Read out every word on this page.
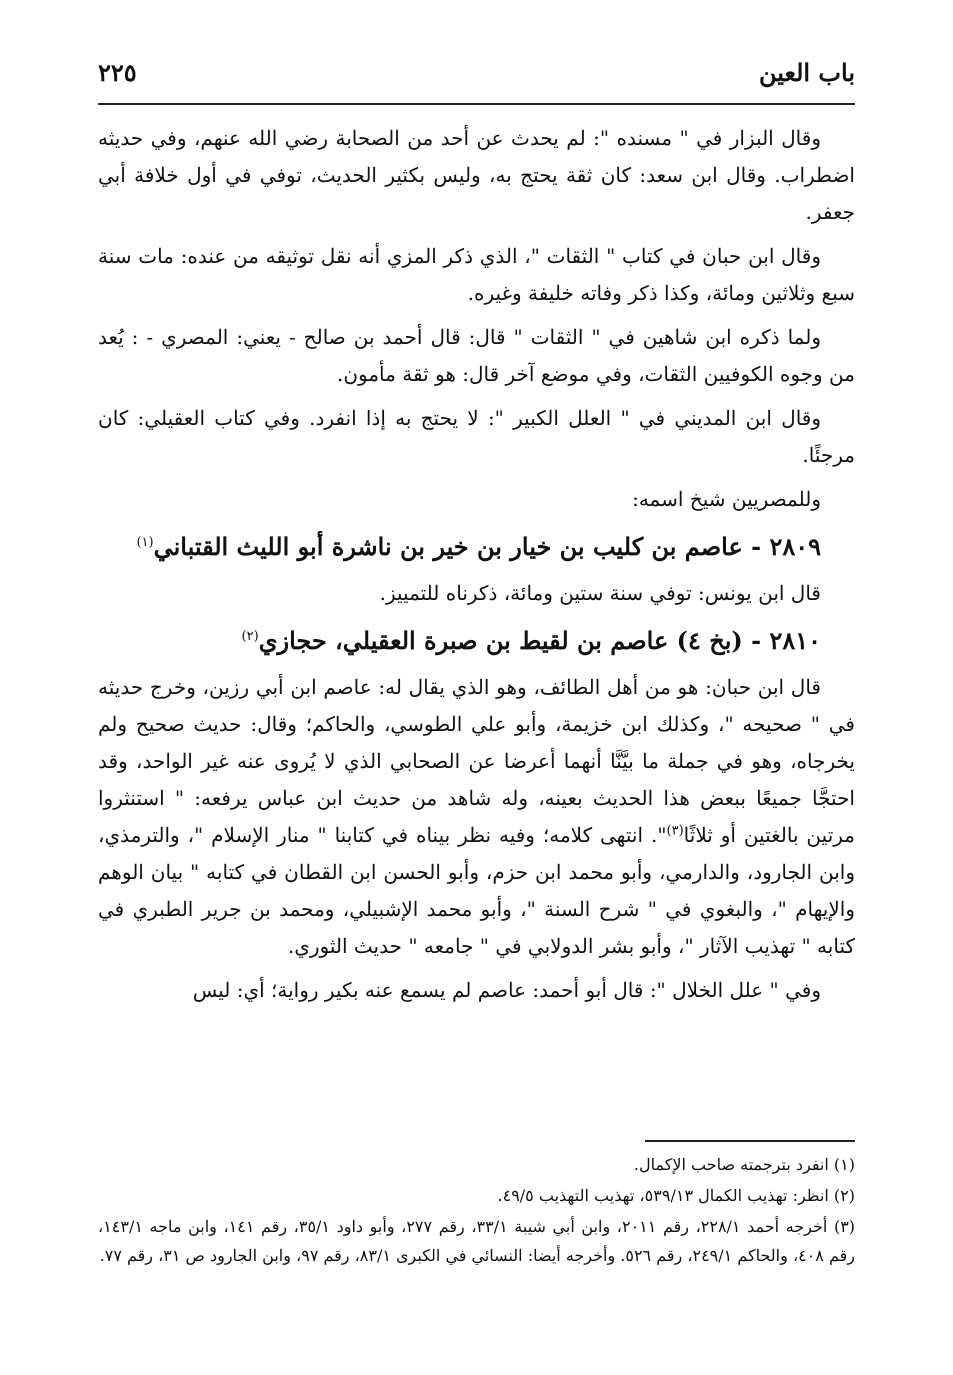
باب العين
٢٢٥

وقال البزار في " مسنده ": لم يحدث عن أحد من الصحابة رضي الله عنهم، وفي حديثه اضطراب. وقال ابن سعد: كان ثقة يحتج به، وليس بكثير الحديث، توفي في أول خلافة أبي جعفر.

وقال ابن حبان في كتاب " الثقات "، الذي ذكر المزي أنه نقل توثيقه من عنده: مات سنة سبع وثلاثين ومائة، وكذا ذكر وفاته خليفة وغيره.

ولما ذكره ابن شاهين في " الثقات " قال: قال أحمد بن صالح - يعني: المصري - : يُعد من وجوه الكوفيين الثقات، وفي موضع آخر قال: هو ثقة مأمون.

وقال ابن المديني في " العلل الكبير ": لا يحتج به إذا انفرد. وفي كتاب العقيلي: كان مرجئًا.

وللمصريين شيخ اسمه:

٢٨٠٩ - عاصم بن كليب بن خيار بن خير بن ناشرة أبو الليث القتباني$^{(١)}$

قال ابن يونس: توفي سنة ستين ومائة، ذكرناه للتمييز.

٢٨١٠ - (بخ ٤) عاصم بن لقيط بن صبرة العقيلي، حجازي$^{(٢)}$

قال ابن حبان: هو من أهل الطائف، وهو الذي يقال له: عاصم ابن أبي رزين، وخرج حديثه في " صحيحه "، وكذلك ابن خزيمة، وأبو علي الطوسي، والحاكم؛ وقال: حديث صحيح ولم يخرجاه، وهو في جملة ما بيَّنَّا أنهما أعرضا عن الصحابي الذي لا يُروى عنه غير الواحد، وقد احتجَّا جميعًا ببعض هذا الحديث بعينه، وله شاهد من حديث ابن عباس يرفعه: " استنثروا مرتين بالغتين أو ثلاثًا$^{(٣)}$". انتهى كلامه؛ وفيه نظر بيناه في كتابنا " منار الإسلام "، والترمذي، وابن الجارود، والدارمي، وأبو محمد ابن حزم، وأبو الحسن ابن القطان في كتابه " بيان الوهم والإيهام "، والبغوي في " شرح السنة "، وأبو محمد الإشبيلي، ومحمد بن جرير الطبري في كتابه " تهذيب الآثار "، وأبو بشر الدولابي في " جامعه " حديث الثوري.

وفي " علل الخلال ": قال أبو أحمد: عاصم لم يسمع عنه بكير رواية؛ أي: ليس

(١) انفرد بترجمته صاحب الإكمال.

(٢) انظر: تهذيب الكمال ٥٣٩/١٣، تهذيب التهذيب ٤٩/٥.

(٣) أخرجه أحمد ٢٢٨/١، رقم ٢٠١١، وابن أبي شيبة ٣٣/١، رقم ٢٧٧، وأبو داود ٣٥/١، رقم ١٤١، وابن ماجه ١٤٣/١، رقم ٤٠٨، والحاكم ٢٤٩/١، رقم ٥٢٦. وأخرجه أيضا: النسائي في الكبرى ٨٣/١، رقم ٩٧، وابن الجارود ص ٣١، رقم ٧٧.
